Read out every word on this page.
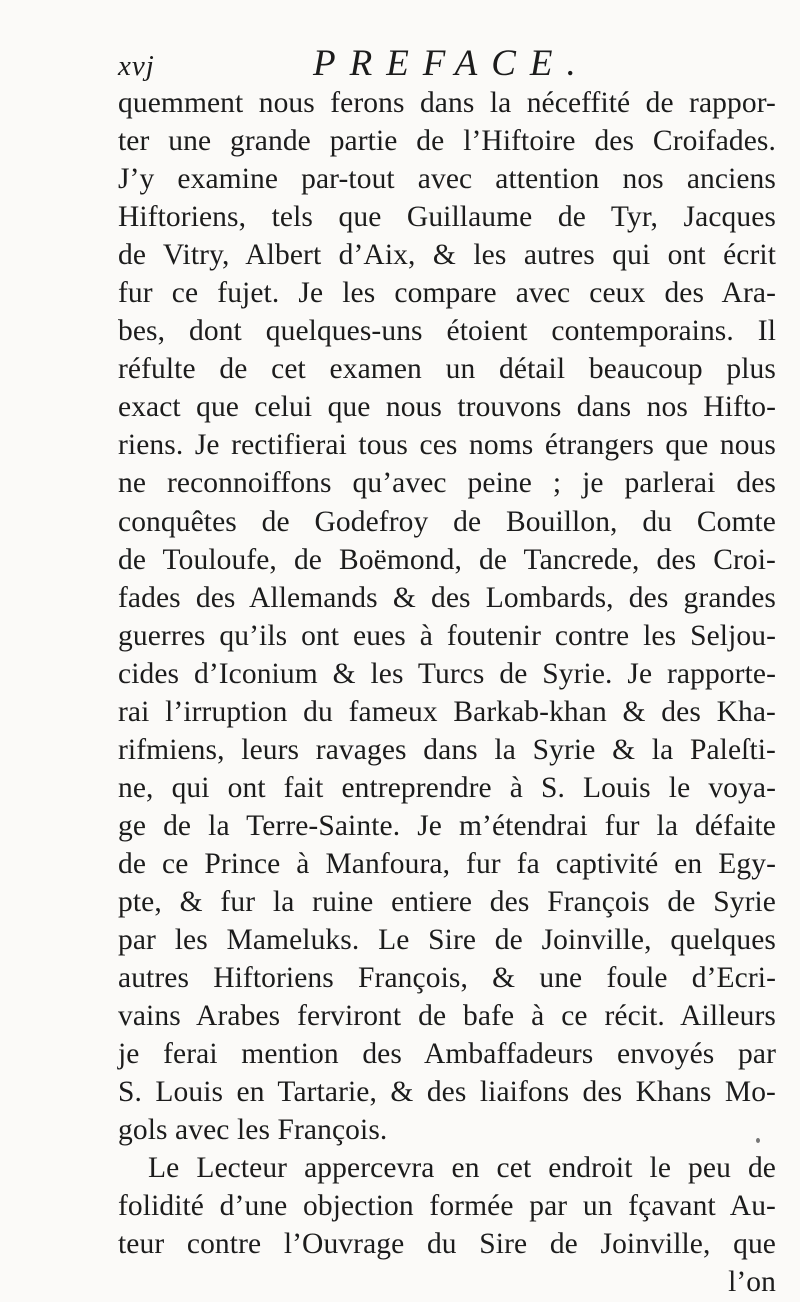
xvj	PREFACE.
quemment nous ferons dans la néceffité de rappor-
ter une grande partie de l’Hiftoire des Croifades.
J’y examine par-tout avec attention nos anciens
Hiftoriens, tels que Guillaume de Tyr, Jacques
de Vitry, Albert d’Aix, & les autres qui ont écrit
fur ce fujet. Je les compare avec ceux des Ara-
bes, dont quelques-uns étoient contemporains. Il
réfulte de cet examen un détail beaucoup plus
exact que celui que nous trouvons dans nos Hifto-
riens. Je rectifierai tous ces noms étrangers que nous
ne reconnoiffons qu’avec peine ; je parlerai des
conquêtes de Godefroy de Bouillon, du Comte
de Touloufe, de Boëmond, de Tancrede, des Croi-
fades des Allemands & des Lombards, des grandes
guerres qu’ils ont eues à foutenir contre les Seljou-
cides d’Iconium & les Turcs de Syrie. Je rapporte-
rai l’irruption du fameux Barkab-khan & des Kha-
rifmiens, leurs ravages dans la Syrie & la Paleſti-
ne, qui ont fait entreprendre à S. Louis le voya-
ge de la Terre-Sainte. Je m’étendrai fur la défaite
de ce Prince à Manfoura, fur fa captivité en Egy-
pte, & fur la ruine entiere des François de Syrie
par les Mameluks. Le Sire de Joinville, quelques
autres Hiftoriens François, & une foule d’Ecri-
vains Arabes ferviront de bafe à ce récit. Ailleurs
je ferai mention des Ambaffadeurs envoyés par
S. Louis en Tartarie, & des liaifons des Khans Mo-
gols avec les François.
Le Lecteur appercevra en cet endroit le peu de
folidité d’une objection formée par un fçavant Au-
teur contre l’Ouvrage du Sire de Joinville, que
l’on
